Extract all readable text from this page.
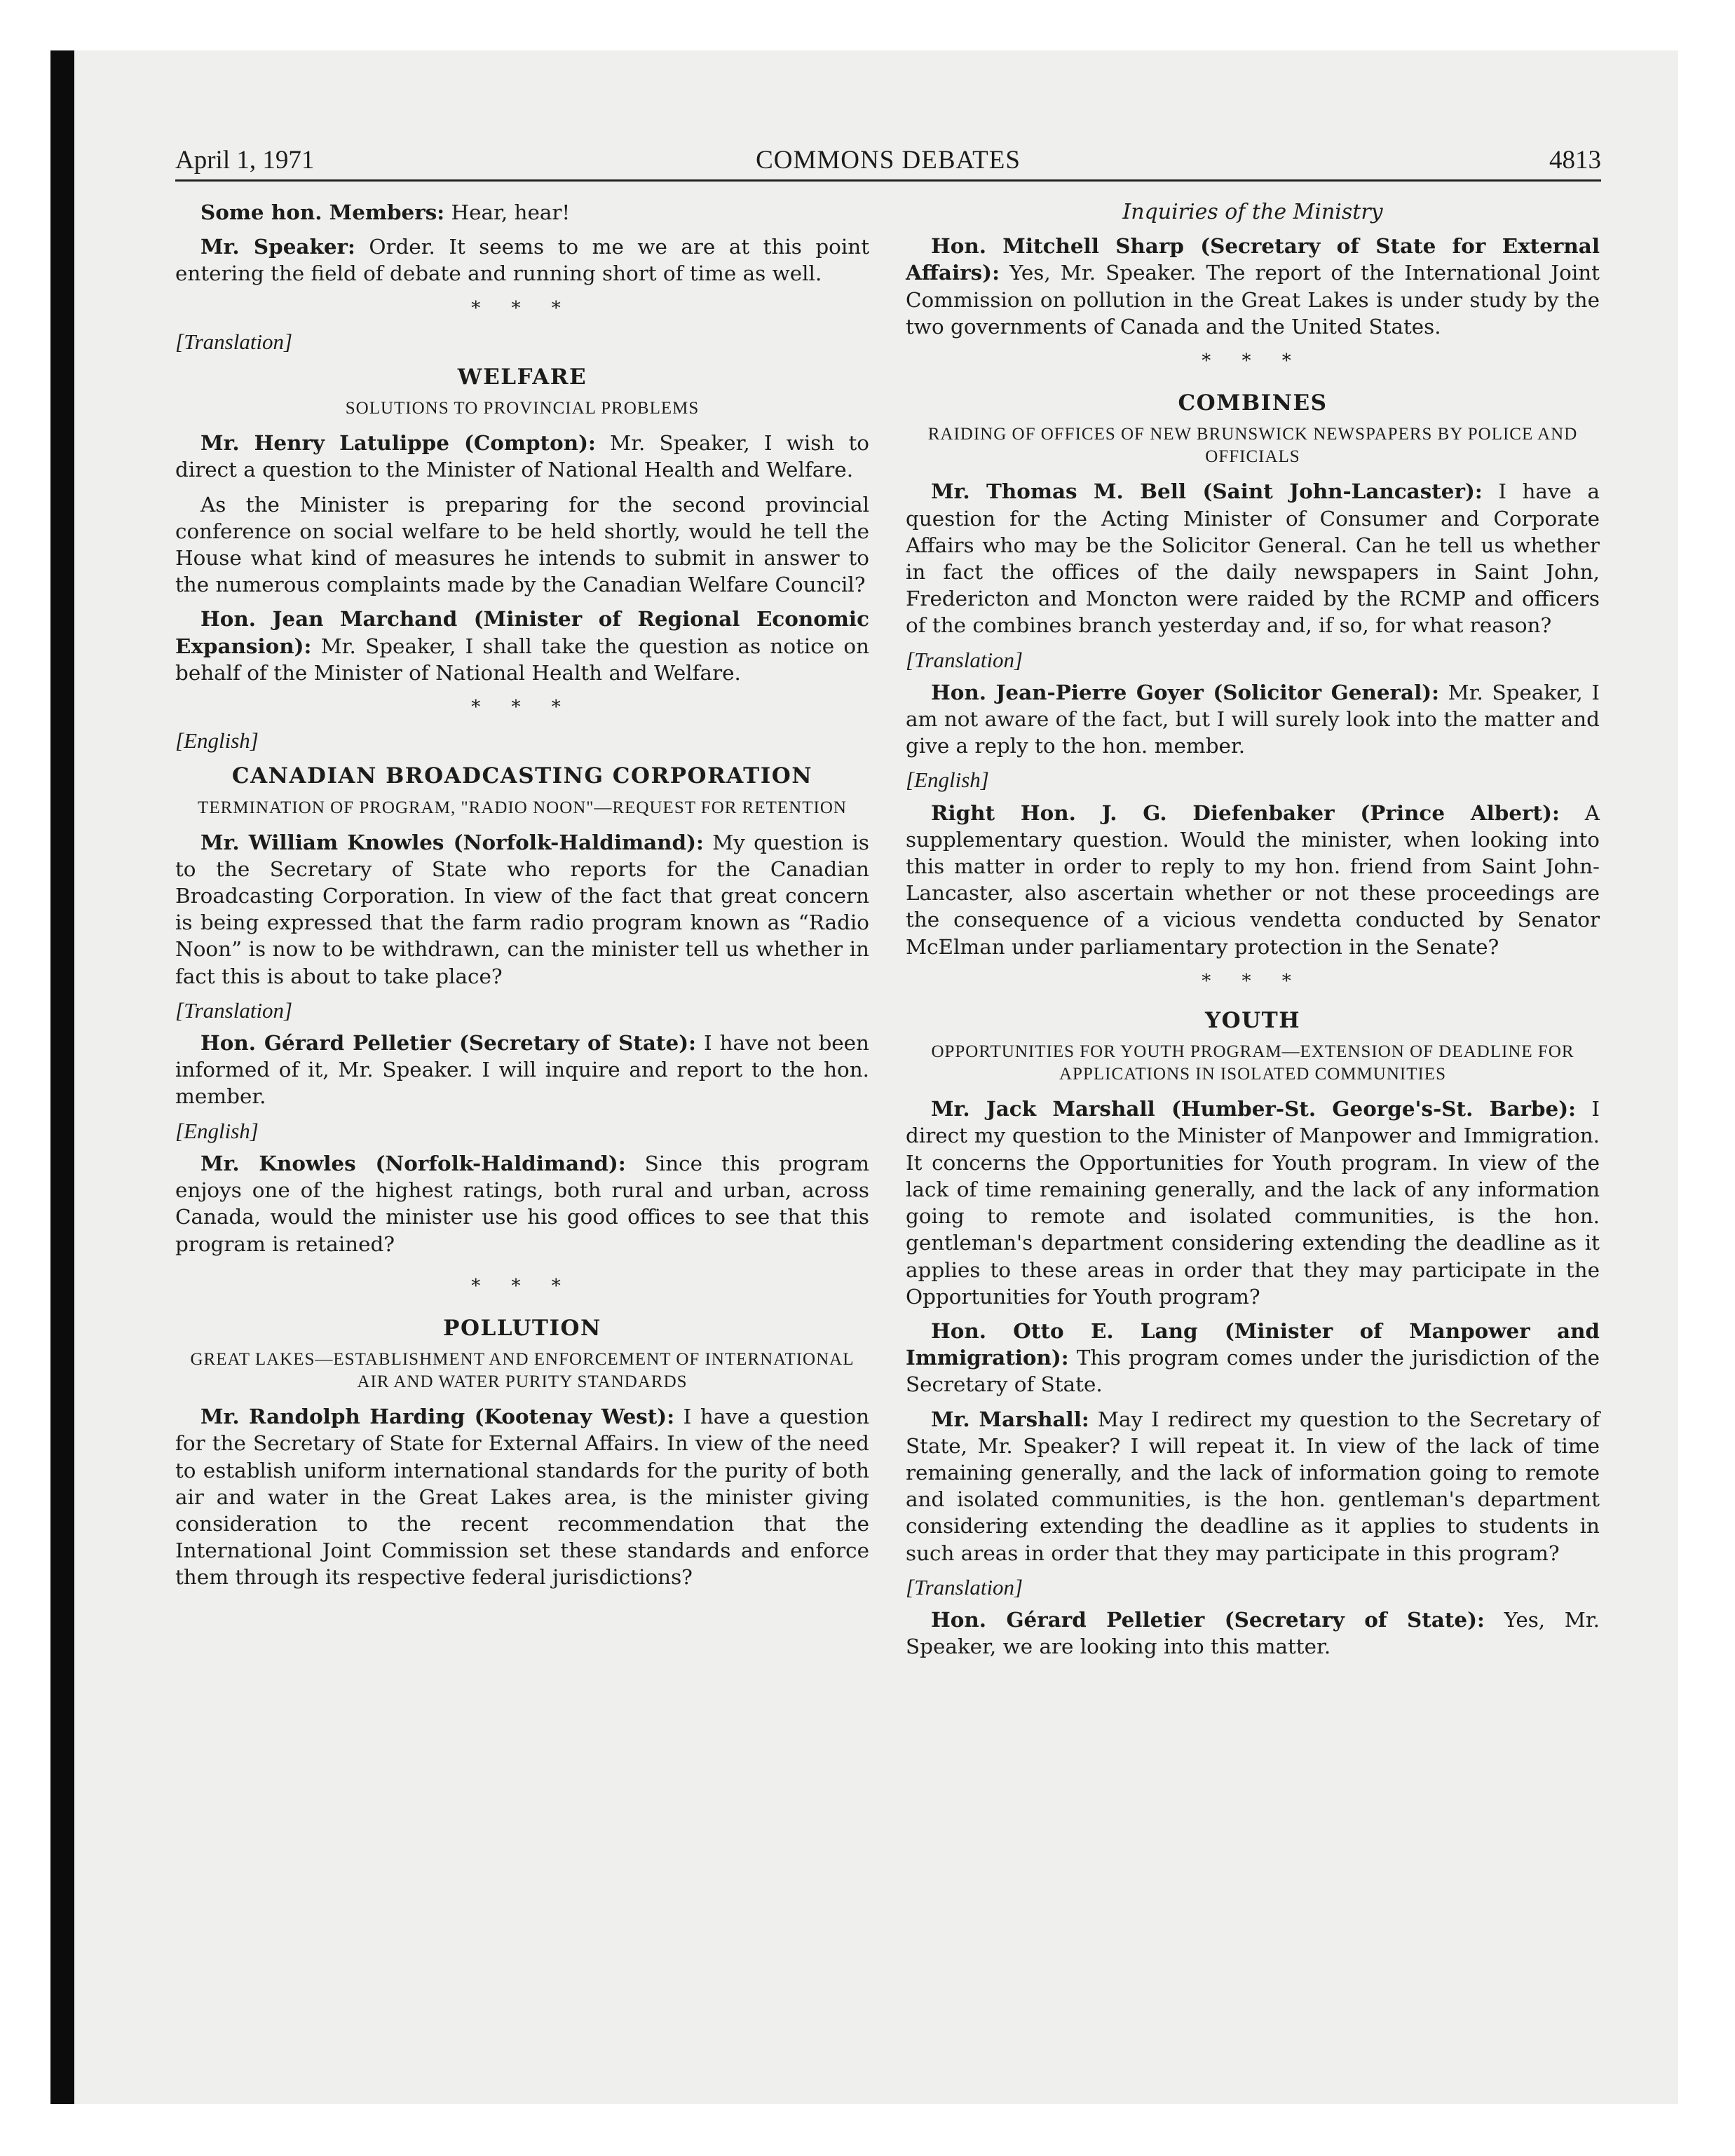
April 1, 1971	COMMONS DEBATES	4813

Some hon. Members: Hear, hear!

Mr. Speaker: Order. It seems to me we are at this point entering the field of debate and running short of time as well.

* * *
[Translation]
WELFARE
SOLUTIONS TO PROVINCIAL PROBLEMS

Mr. Henry Latulippe (Compton): Mr. Speaker, I wish to direct a question to the Minister of National Health and Welfare.

As the Minister is preparing for the second provincial conference on social welfare to be held shortly, would he tell the House what kind of measures he intends to submit in answer to the numerous complaints made by the Canadian Welfare Council?

Hon. Jean Marchand (Minister of Regional Economic Expansion): Mr. Speaker, I shall take the question as notice on behalf of the Minister of National Health and Welfare.

* * *
[English]
CANADIAN BROADCASTING CORPORATION
TERMINATION OF PROGRAM, "RADIO NOON"—REQUEST FOR RETENTION

Mr. William Knowles (Norfolk-Haldimand): My question is to the Secretary of State who reports for the Canadian Broadcasting Corporation. In view of the fact that great concern is being expressed that the farm radio program known as “Radio Noon” is now to be withdrawn, can the minister tell us whether in fact this is about to take place?

[Translation]

Hon. Gérard Pelletier (Secretary of State): I have not been informed of it, Mr. Speaker. I will inquire and report to the hon. member.

[English]

Mr. Knowles (Norfolk-Haldimand): Since this program enjoys one of the highest ratings, both rural and urban, across Canada, would the minister use his good offices to see that this program is retained?

* * *
POLLUTION
GREAT LAKES—ESTABLISHMENT AND ENFORCEMENT OF INTERNATIONAL AIR AND WATER PURITY STANDARDS

Mr. Randolph Harding (Kootenay West): I have a question for the Secretary of State for External Affairs. In view of the need to establish uniform international standards for the purity of both air and water in the Great Lakes area, is the minister giving consideration to the recent recommendation that the International Joint Commission set these standards and enforce them through its respective federal jurisdictions?

Inquiries of the Ministry

Hon. Mitchell Sharp (Secretary of State for External Affairs): Yes, Mr. Speaker. The report of the International Joint Commission on pollution in the Great Lakes is under study by the two governments of Canada and the United States.

* * *
COMBINES
RAIDING OF OFFICES OF NEW BRUNSWICK NEWSPAPERS BY POLICE AND OFFICIALS

Mr. Thomas M. Bell (Saint John-Lancaster): I have a question for the Acting Minister of Consumer and Corporate Affairs who may be the Solicitor General. Can he tell us whether in fact the offices of the daily newspapers in Saint John, Fredericton and Moncton were raided by the RCMP and officers of the combines branch yesterday and, if so, for what reason?

[Translation]

Hon. Jean-Pierre Goyer (Solicitor General): Mr. Speaker, I am not aware of the fact, but I will surely look into the matter and give a reply to the hon. member.

[English]

Right Hon. J. G. Diefenbaker (Prince Albert): A supplementary question. Would the minister, when looking into this matter in order to reply to my hon. friend from Saint John-Lancaster, also ascertain whether or not these proceedings are the consequence of a vicious vendetta conducted by Senator McElman under parliamentary protection in the Senate?

* * *
YOUTH
OPPORTUNITIES FOR YOUTH PROGRAM—EXTENSION OF DEADLINE FOR APPLICATIONS IN ISOLATED COMMUNITIES

Mr. Jack Marshall (Humber-St. George's-St. Barbe): I direct my question to the Minister of Manpower and Immigration. It concerns the Opportunities for Youth program. In view of the lack of time remaining generally, and the lack of any information going to remote and isolated communities, is the hon. gentleman's department considering extending the deadline as it applies to these areas in order that they may participate in the Opportunities for Youth program?

Hon. Otto E. Lang (Minister of Manpower and Immigration): This program comes under the jurisdiction of the Secretary of State.

Mr. Marshall: May I redirect my question to the Secretary of State, Mr. Speaker? I will repeat it. In view of the lack of time remaining generally, and the lack of information going to remote and isolated communities, is the hon. gentleman's department considering extending the deadline as it applies to students in such areas in order that they may participate in this program?

[Translation]

Hon. Gérard Pelletier (Secretary of State): Yes, Mr. Speaker, we are looking into this matter.
